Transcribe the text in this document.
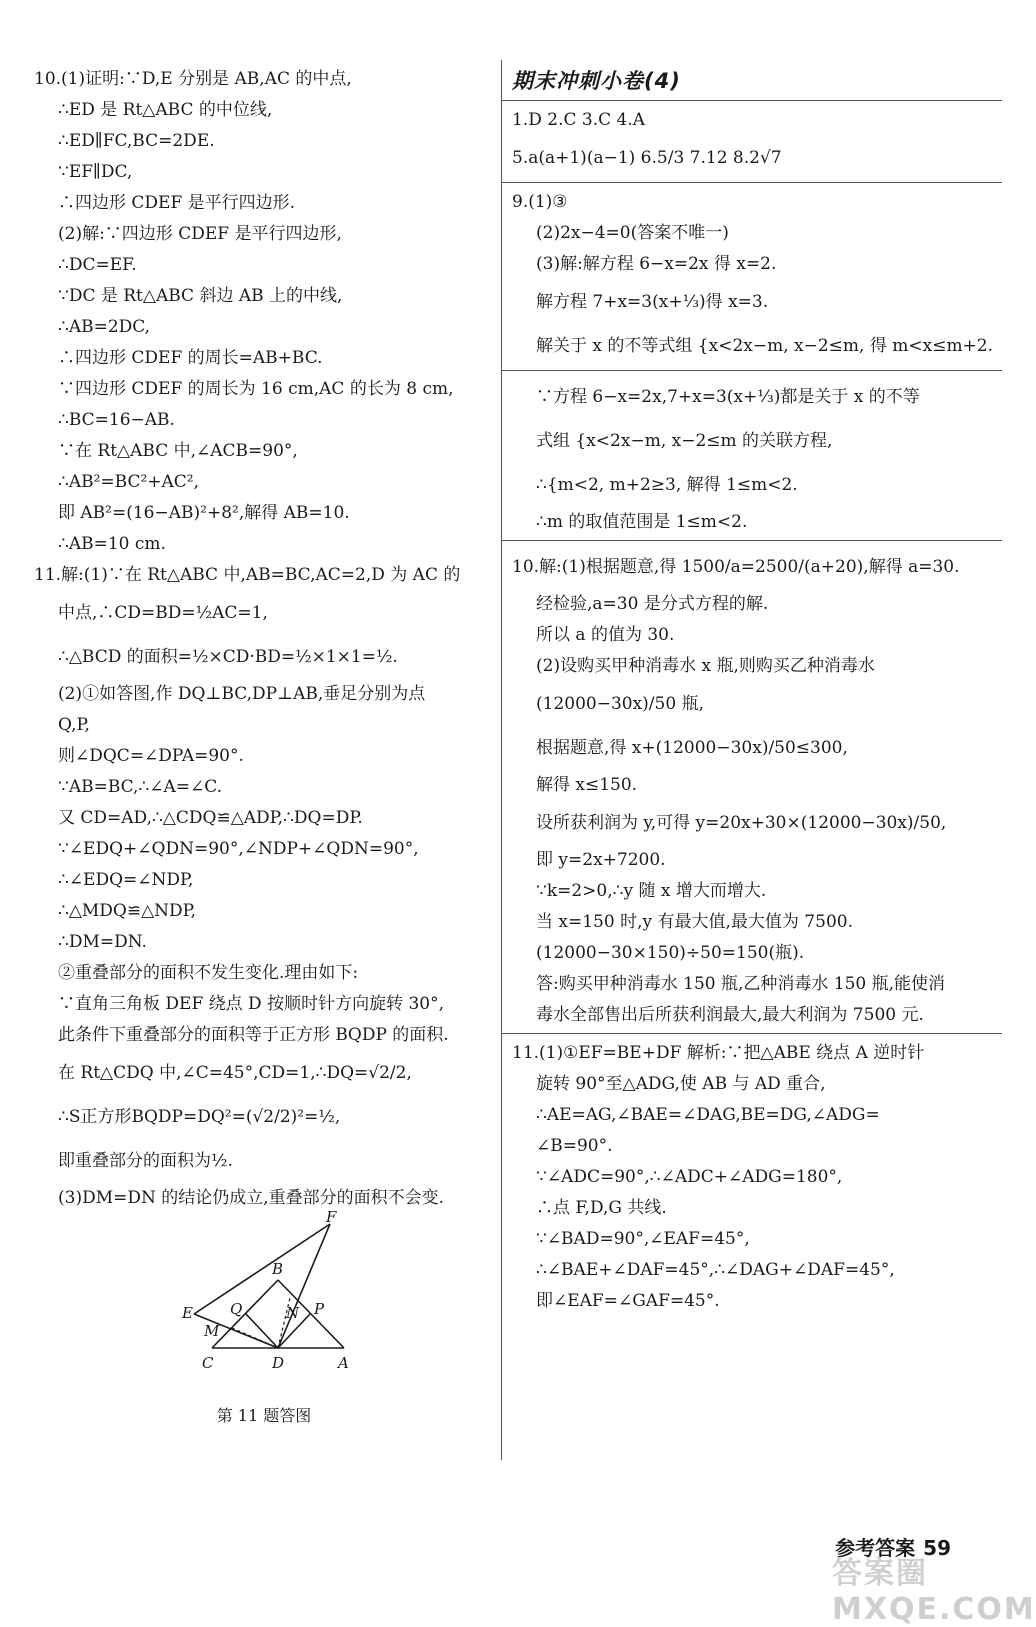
10.(1)证明:∵D,E 分别是 AB,AC 的中点,
∴ED 是 Rt△ABC 的中位线,
∴ED∥FC,BC=2DE.
∵EF∥DC,
∴四边形 CDEF 是平行四边形.
(2)解:∵四边形 CDEF 是平行四边形,
∴DC=EF.
∵DC 是 Rt△ABC 斜边 AB 上的中线,
∴AB=2DC,
∴四边形 CDEF 的周长=AB+BC.
∵四边形 CDEF 的周长为 16 cm,AC 的长为 8 cm,
∴BC=16−AB.
∵在 Rt△ABC 中,∠ACB=90°,
∴AB²=BC²+AC²,
即 AB²=(16−AB)²+8²,解得 AB=10.
∴AB=10 cm.
11.解:(1)∵在 Rt△ABC 中,AB=BC,AC=2,D 为 AC 的
中点,∴CD=BD=½AC=1,
∴△BCD 的面积=½×CD·BD=½×1×1=½.
(2)①如答图,作 DQ⊥BC,DP⊥AB,垂足分别为点
Q,P,
则∠DQC=∠DPA=90°.
∵AB=BC,∴∠A=∠C.
又 CD=AD,∴△CDQ≌△ADP,∴DQ=DP.
∵∠EDQ+∠QDN=90°,∠NDP+∠QDN=90°,
∴∠EDQ=∠NDP,
∴△MDQ≌△NDP,
∴DM=DN.
②重叠部分的面积不发生变化.理由如下:
∵直角三角板 DEF 绕点 D 按顺时针方向旋转 30°,
此条件下重叠部分的面积等于正方形 BQDP 的面积.
在 Rt△CDQ 中,∠C=45°,CD=1,∴DQ=√2/2,
∴S正方形BQDP=DQ²=(√2/2)²=½,
即重叠部分的面积为½.
(3)DM=DN 的结论仍成立,重叠部分的面积不会变.
F
B
E Q	N P
M
C	D	A
第 11 题答图
期末冲刺小卷(4)
1.D 2.C 3.C 4.A
5.a(a+1)(a−1) 6.5/3 7.12 8.2√7
9.(1)③
(2)2x−4=0(答案不唯一)
(3)解:解方程 6−x=2x 得 x=2.
解方程 7+x=3(x+⅓)得 x=3.
解关于 x 的不等式组 {x<2x−m, x−2≤m, 得 m<x≤m+2.
∵方程 6−x=2x,7+x=3(x+⅓)都是关于 x 的不等
式组 {x<2x−m, x−2≤m 的关联方程,
∴{m<2, m+2≥3, 解得 1≤m<2.
∴m 的取值范围是 1≤m<2.
10.解:(1)根据题意,得 1500/a=2500/(a+20),解得 a=30.
经检验,a=30 是分式方程的解.
所以 a 的值为 30.
(2)设购买甲种消毒水 x 瓶,则购买乙种消毒水
(12000−30x)/50 瓶,
根据题意,得 x+(12000−30x)/50≤300,
解得 x≤150.
设所获利润为 y,可得 y=20x+30×(12000−30x)/50,
即 y=2x+7200.
∵k=2>0,∴y 随 x 增大而增大.
当 x=150 时,y 有最大值,最大值为 7500.
(12000−30×150)÷50=150(瓶).
答:购买甲种消毒水 150 瓶,乙种消毒水 150 瓶,能使消
毒水全部售出后所获利润最大,最大利润为 7500 元.
11.(1)①EF=BE+DF 解析:∵把△ABE 绕点 A 逆时针
旋转 90°至△ADG,使 AB 与 AD 重合,
∴AE=AG,∠BAE=∠DAG,BE=DG,∠ADG=
∠B=90°.
∵∠ADC=90°,∴∠ADC+∠ADG=180°,
∴点 F,D,G 共线.
∵∠BAD=90°,∠EAF=45°,
∴∠BAE+∠DAF=45°,∴∠DAG+∠DAF=45°,
即∠EAF=∠GAF=45°.
参考答案 59
答案圈 MXQE.COM
